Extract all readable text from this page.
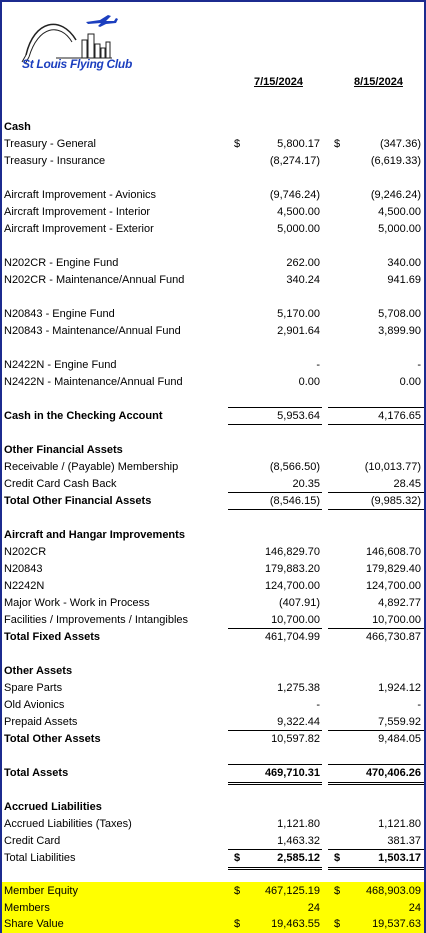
St Louis Flying Club
7/15/2024	8/15/2024
Cash
Treasury - General	$	5,800.17 $	(347.36)
Treasury - Insurance	(8,274.17)	(6,619.33)
Aircraft Improvement - Avionics	(9,746.24)	(9,246.24)
Aircraft Improvement - Interior	4,500.00	4,500.00
Aircraft Improvement - Exterior	5,000.00	5,000.00
N202CR - Engine Fund	262.00	340.00
N202CR - Maintenance/Annual Fund	340.24	941.69
N20843 - Engine Fund	5,170.00	5,708.00
N20843 - Maintenance/Annual Fund	2,901.64	3,899.90
N2422N - Engine Fund	-	-
N2422N - Maintenance/Annual Fund	0.00	0.00
Cash in the Checking Account	5,953.64	4,176.65
Other Financial Assets
Receivable / (Payable) Membership	(8,566.50)	(10,013.77)
Credit Card Cash Back	20.35	28.45
Total Other Financial Assets	(8,546.15)	(9,985.32)
Aircraft and Hangar Improvements
N202CR	146,829.70	146,608.70
N20843	179,883.20	179,829.40
N2242N	124,700.00	124,700.00
Major Work - Work in Process	(407.91)	4,892.77
Facilities / Improvements / Intangibles	10,700.00	10,700.00
Total Fixed Assets	461,704.99	466,730.87
Other Assets
Spare Parts	1,275.38	1,924.12
Old Avionics	-	-
Prepaid Assets	9,322.44	7,559.92
Total Other Assets	10,597.82	9,484.05
Total Assets	469,710.31	470,406.26
Accrued Liabilities
Accrued Liabilities (Taxes)	1,121.80	1,121.80
Credit Card	1,463.32	381.37
Total Liabilities	$	2,585.12 $	1,503.17
Member Equity	$ 467,125.19 $ 468,903.09
Members	24	24
Share Value	$	19,463.55 $	19,537.63
